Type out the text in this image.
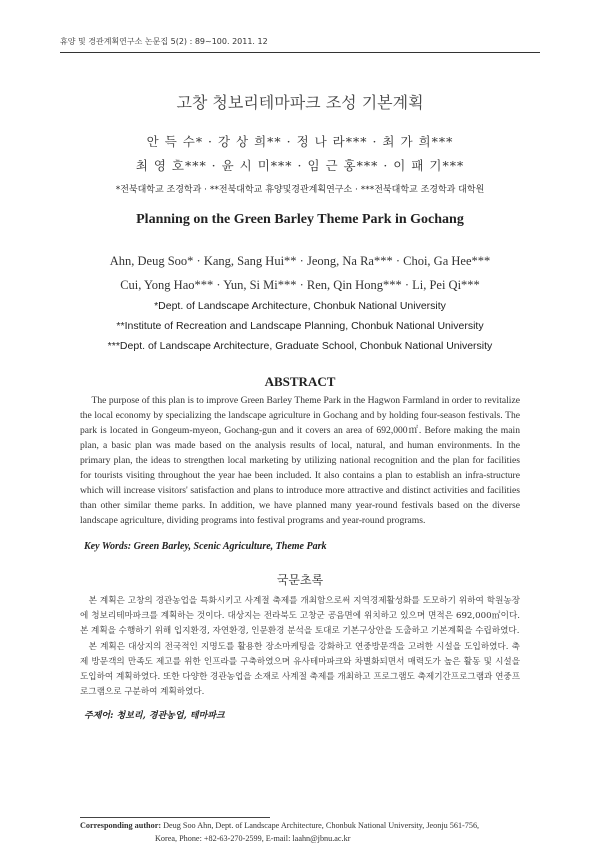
휴양 및 경관계획연구소 논문집 5(2) : 89~100. 2011. 12
고창 청보리테마파크 조성 기본계획
안 득 수* · 강 상 희** · 정 나 라*** · 최 가 희***
최 영 호*** · 윤 시 미*** · 임 근 홍*** · 이 패 기***
*전북대학교 조경학과 · **전북대학교 휴양및경관계획연구소 · ***전북대학교 조경학과 대학원
Planning on the Green Barley Theme Park in Gochang
Ahn, Deug Soo* · Kang, Sang Hui** · Jeong, Na Ra*** · Choi, Ga Hee***
Cui, Yong Hao*** · Yun, Si Mi*** · Ren, Qin Hong*** · Li, Pei Qi***
*Dept. of Landscape Architecture, Chonbuk National University
**Institute of Recreation and Landscape Planning, Chonbuk National University
***Dept. of Landscape Architecture, Graduate School, Chonbuk National University
ABSTRACT

The purpose of this plan is to improve Green Barley Theme Park in the Hagwon Farmland in order to revitalize the local economy by specializing the landscape agriculture in Gochang and by holding four-season festivals. The park is located in Gongeum-myeon, Gochang-gun and it covers an area of 692,000㎡. Before making the main plan, a basic plan was made based on the analysis results of local, natural, and human environments. In the primary plan, the ideas to strengthen local marketing by utilizing national recognition and the plan for facilities for tourists visiting throughout the year hae been included. It also contains a plan to establish an infra-structure which will increase visitors' satisfaction and plans to introduce more attractive and distinct activities and facilities than other similar theme parks. In addition, we have planned many year-round festivals based on the diverse landscape agriculture, dividing programs into festival programs and year-round programs.

Key Words: Green Barley, Scenic Agriculture, Theme Park
국문초록

본 계획은 고창의 경관농업을 특화시키고 사계절 축제를 개최함으로써 지역경제활성화를 도모하기 위하여 학원농장에 청보리테마파크를 계획하는 것이다. 대상지는 전라북도 고창군 공음면에 위치하고 있으며 면적은 692,000㎡이다. 본 계획을 수행하기 위해 입지환경, 자연환경, 인문환경 분석을 토대로 기본구상안을 도출하고 기본계획을 수립하였다.

본 계획은 대상지의 전국적인 지명도를 활용한 장소마케팅을 강화하고 연중방문객을 고려한 시설을 도입하였다. 축제 방문객의 만족도 제고를 위한 인프라를 구축하였으며 유사테마파크와 차별화되면서 매력도가 높은 활동 및 시설을 도입하여 계획하였다. 또한 다양한 경관농업을 소재로 사계절 축제를 개최하고 프로그램도 축제기간프로그램과 연중프로그램으로 구분하여 계획하였다.

주제어: 청보리, 경관농업, 테마파크
Corresponding author: Deug Soo Ahn, Dept. of Landscape Architecture, Chonbuk National University, Jeonju 561-756,
Korea, Phone: +82-63-270-2599, E-mail: laahn@jbnu.ac.kr
